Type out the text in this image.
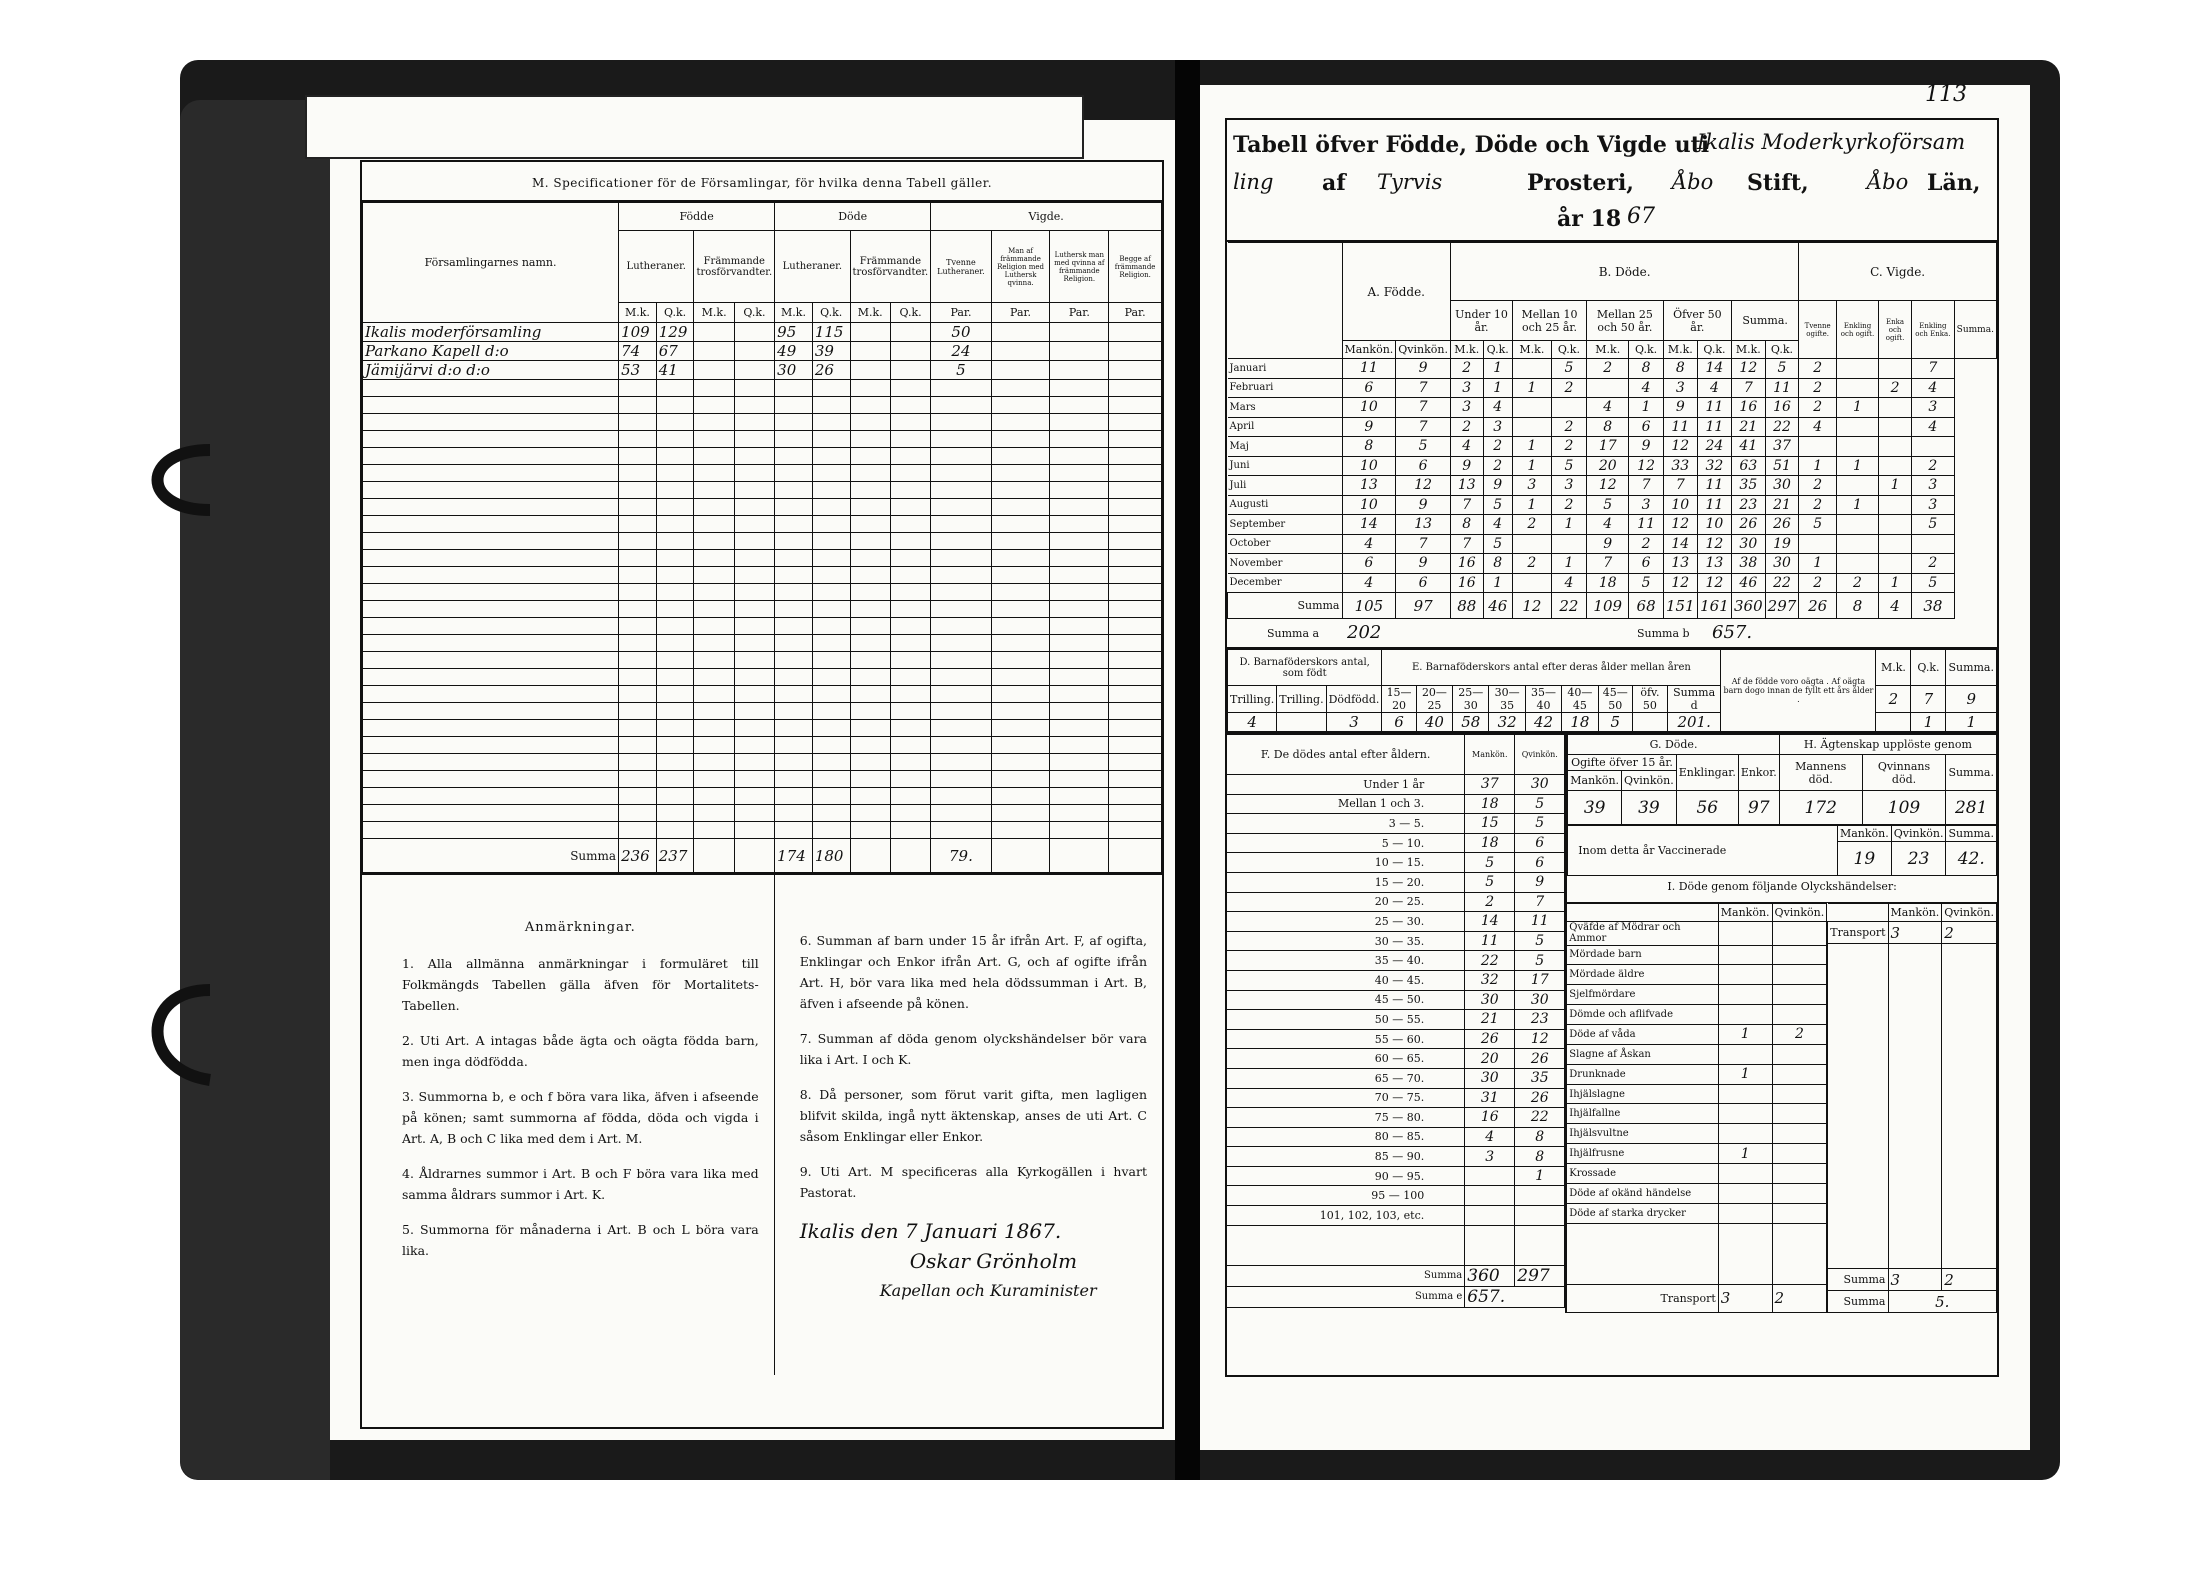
M. Specificationer för de Församlingar, för hvilka denna Tabell gäller.
Församlingarnes namn.	Födde				Döde				Vigde.			
	Lutheraner.		Främmande trosförvandter.		Lutheraner.		Främmande trosförvandter.		Tvenne Lutheraner.	Man af främmande Religion med Luthersk qvinna.	Luthersk man med qvinna af främmande Religion.	Begge af främmande Religion.
	M.k.	Q.k.	M.k.	Q.k.	M.k.	Q.k.	M.k.	Q.k.	Par.	Par.	Par.	Par.
Ikalis moderförsamling	109	129			95	115			50			
Parkano Kapell d:o	74	67			49	39			24			
Jämijärvi d:o d:o	53	41			30	26			5			

Summa	236	237			174	180			79.			
Anmärkningar.

1. Alla allmänna anmärkningar i formuläret till Folkmängds Tabellen gälla äfven för Mortalitets-Tabellen.

2. Uti Art. A intagas både ägta och oägta födda barn, men inga dödfödda.

3. Summorna b, e och f böra vara lika, äfven i afseende på könen; samt summorna af födda, döda och vigda i Art. A, B och C lika med dem i Art. M.

4. Åldrarnes summor i Art. B och F böra vara lika med samma åldrars summor i Art. K.

5. Summorna för månaderna i Art. B och L böra vara lika.

6. Summan af barn under 15 år ifrån Art. F, af ogifta, Enklingar och Enkor ifrån Art. G, och af ogifte ifrån Art. H, bör vara lika med hela dödssumman i Art. B, äfven i afseende på könen.

7. Summan af döda genom olyckshändelser bör vara lika i Art. I och K.

8. Då personer, som förut varit gifta, men lagligen blifvit skilda, ingå nytt äktenskap, anses de uti Art. C såsom Enklingar eller Enkor.

9. Uti Art. M specificeras alla Kyrkogällen i hvart Pastorat.

Ikalis den 7 Januari 1867.
Oskar Grönholm
Kapellan och Kuraminister
113
Tabell öfver Födde, Döde och Vigde uti
Ikalis Moderkyrkoförsam
ling af Tyrvis	Prosteri, Åbo Stift,	Åbo Län,
år 18 67
	A. Födde.		B. Döde.										C. Vigde.				
			Under 10 år.		Mellan 10 och 25 år.		Mellan 25 och 50 år.		Öfver 50 år.		Summa.		Tvenne ogifte.	Enkling och ogift.	Enka och ogift.	Enkling och Enka.	Summa.
	Mankön.	Qvinkön.	M.k.	Q.k.	M.k.	Q.k.	M.k.	Q.k.	M.k.	Q.k.	M.k.	Q.k.					
Januari	11	9	2	1		5	2	8	8	14	12	5	2			7	
Februari	6	7	3	1	1	2		4	3	4	7	11	2		2	4	
Mars	10	7	3	4			4	1	9	11	16	16	2	1		3	
April	9	7	2	3		2	8	6	11	11	21	22	4			4	
Maj	8	5	4	2	1	2	17	9	12	24	41	37					
Juni	10	6	9	2	1	5	20	12	33	32	63	51	1	1		2	
Juli	13	12	13	9	3	3	12	7	7	11	35	30	2		1	3	
Augusti	10	9	7	5	1	2	5	3	10	11	23	21	2	1		3	
September	14	13	8	4	2	1	4	11	12	10	26	26	5			5	
October	4	7	7	5			9	2	14	12	30	19					
November	6	9	16	8	2	1	7	6	13	13	38	30	1			2	
December	4	6	16	1		4	18	5	12	12	46	22	2	2	1	5	
Summa	105	97	88	46	12	22	109	68	151	161	360	297	26	8	4	38	
Summa a 202	Summa b 657.
D. Barnaföderskors antal, som födt			E. Barnaföderskors antal efter deras ålder mellan åren									Af de födde voro oägta . Af oägta barn dogo innan de fyllt ett års ålder .	M.k.	Q.k.	Summa.
Trilling.	Trilling.	Dödfödd.	15—20	20—25	25—30	30—35	35—40	40—45	45—50	öfv. 50	Summa d		2	7	9
4		3	6	40	58	32	42	18	5		201.			1	1
F. De dödes antal efter åldern.	Mankön.	Qvinkön.
Under 1 år	37	30
Mellan 1 och 3.	18	5
3 — 5.	15	5
5 — 10.	18	6
10 — 15.	5	6
15 — 20.	5	9
20 — 25.	2	7
25 — 30.	14	11
30 — 35.	11	5
35 — 40.	22	5
40 — 45.	32	17
45 — 50.	30	30
50 — 55.	21	23
55 — 60.	26	12
60 — 65.	20	26
65 — 70.	30	35
70 — 75.	31	26
75 — 80.	16	22
80 — 85.	4	8
85 — 90.	3	8
90 — 95.		1
95 — 100		
101, 102, 103, etc.		

Summa	360	297
Summa e	657.	
G. Döde.				H. Ägtenskap upplöste genom		
Ogifte öfver 15 år.		Enklingar.	Enkor.	Mannens död.	Qvinnans död.	Summa.
Mankön.	Qvinkön.					
39	39	56	97	172	109	281
Inom detta år Vaccinerade	Mankön.	Qvinkön.	Summa.
	19	23	42.
I. Döde genom följande Olyckshändelser:
	Mankön.	Qvinkön.
Qväfde af Mödrar och Ammor		
Mördade barn		
Mördade äldre		
Sjelfmördare		
Dömde och aflifvade		
Döde af våda	1	2
Slagne af Åskan		
Drunknade	1	
Ihjälslagne		
Ihjälfallne		
Ihjälsvultne		
Ihjälfrusne	1	
Krossade		
Döde af okänd händelse		
Döde af starka drycker		

Transport	3	2
	Mankön.	Qvinkön.
Transport	3	2

Summa	3	2
Summa	5.	
